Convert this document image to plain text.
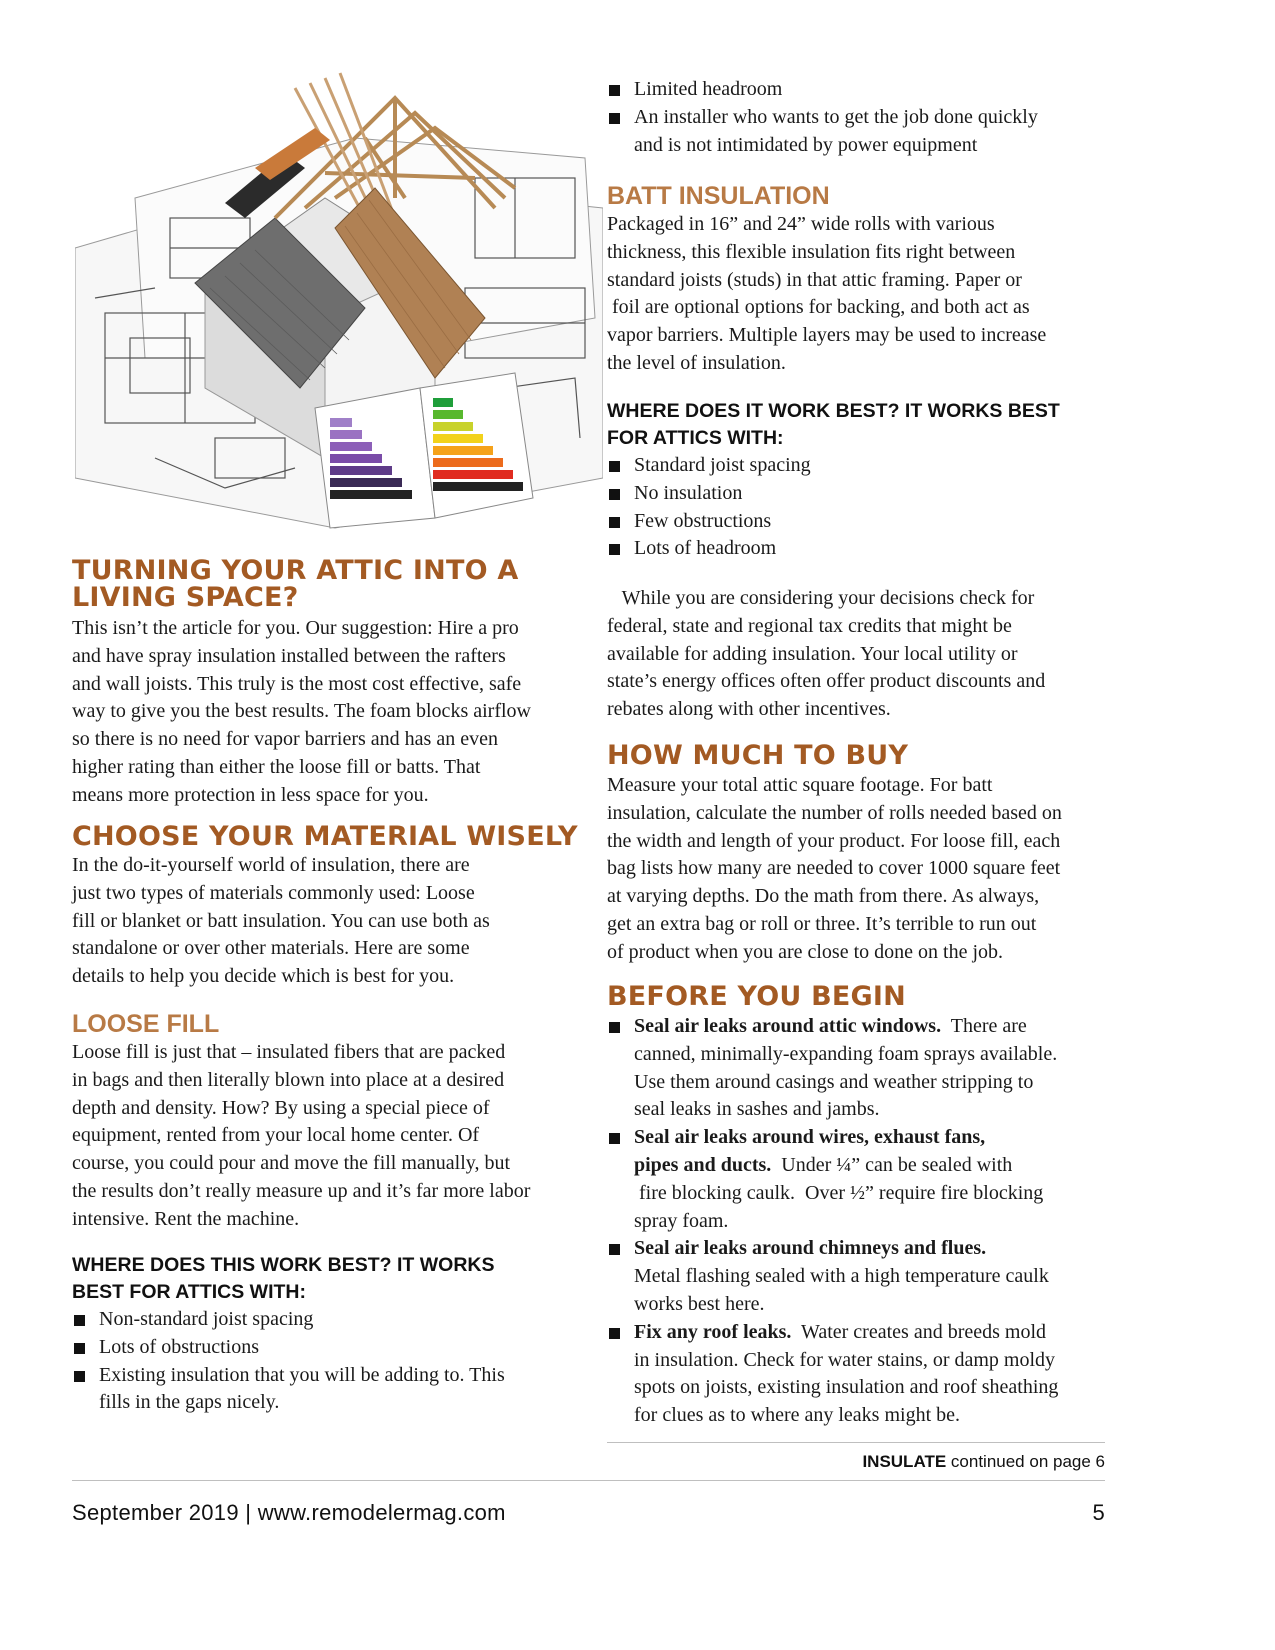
TURNING YOUR ATTIC INTO A
LIVING SPACE?

This isn’t the article for you. Our suggestion: Hire a pro
and have spray insulation installed between the rafters
and wall joists. This truly is the most cost effective, safe
way to give you the best results. The foam blocks airflow
so there is no need for vapor barriers and has an even
higher rating than either the loose fill or batts. That
means more protection in less space for you.

CHOOSE YOUR MATERIAL WISELY

In the do-it-yourself world of insulation, there are
just two types of materials commonly used: Loose
fill or blanket or batt insulation. You can use both as
standalone or over other materials. Here are some
details to help you decide which is best for you.

LOOSE FILL

Loose fill is just that – insulated fibers that are packed
in bags and then literally blown into place at a desired
depth and density. How? By using a special piece of
equipment, rented from your local home center. Of
course, you could pour and move the fill manually, but
the results don’t really measure up and it’s far more labor
intensive. Rent the machine.

WHERE DOES THIS WORK BEST? IT WORKS
BEST FOR ATTICS WITH:
Non-standard joist spacing
Lots of obstructions
Existing insulation that you will be adding to. This
fills in the gaps nicely.
Limited headroom
An installer who wants to get the job done quickly
and is not intimidated by power equipment
BATT INSULATION

Packaged in 16” and 24” wide rolls with various
thickness, this flexible insulation fits right between
standard joists (studs) in that attic framing. Paper or
foil are optional options for backing, and both act as
vapor barriers. Multiple layers may be used to increase
the level of insulation.

WHERE DOES IT WORK BEST? IT WORKS BEST
FOR ATTICS WITH:
Standard joist spacing
No insulation
Few obstructions
Lots of headroom

While you are considering your decisions check for
federal, state and regional tax credits that might be
available for adding insulation. Your local utility or
state’s energy offices often offer product discounts and
rebates along with other incentives.

HOW MUCH TO BUY

Measure your total attic square footage. For batt
insulation, calculate the number of rolls needed based on
the width and length of your product. For loose fill, each
bag lists how many are needed to cover 1000 square feet
at varying depths. Do the math from there. As always,
get an extra bag or roll or three. It’s terrible to run out
of product when you are close to done on the job.

BEFORE YOU BEGIN
Seal air leaks around attic windows.  There are
canned, minimally-expanding foam sprays available.
Use them around casings and weather stripping to
seal leaks in sashes and jambs.
Seal air leaks around wires, exhaust fans,
pipes and ducts.  Under ¼” can be sealed with
fire blocking caulk.  Over ½” require fire blocking
spray foam.
Seal air leaks around chimneys and flues.
Metal flashing sealed with a high temperature caulk
works best here.
Fix any roof leaks.  Water creates and breeds mold
in insulation. Check for water stains, or damp moldy
spots on joists, existing insulation and roof sheathing
for clues as to where any leaks might be.
INSULATE continued on page 6
September 2019 | www.remodelermag.com	5
